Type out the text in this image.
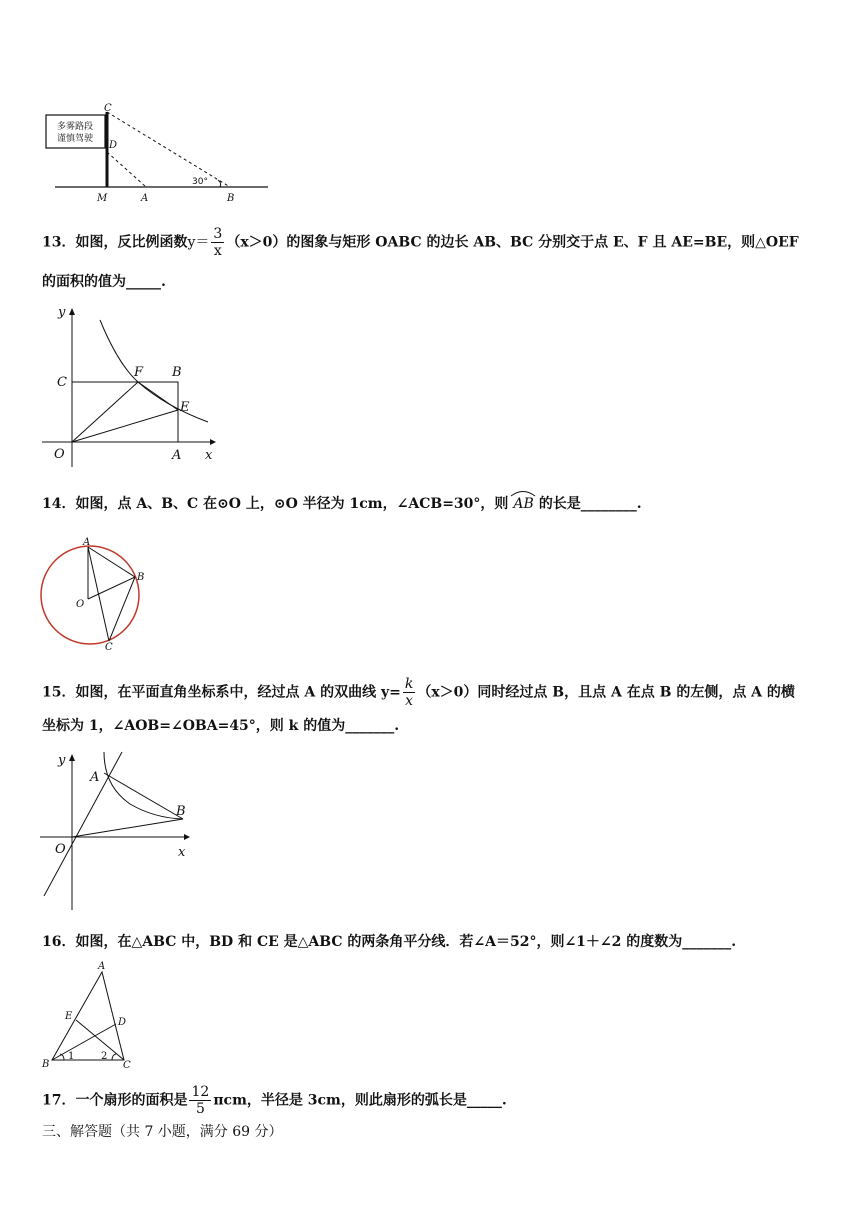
多雾路段
谨慎驾驶
C
D
M	A	B
30°
13．如图，反比例函数$y= \frac{3}{x} (x>0)$的图象与矩形 OABC 的边长 AB、BC 分别交于点 E、F 且 AE=BE，则△OEF
的面积的值为_____.
y
x
O	A
C
F B
E
14．如图，点 A、B、C 在⊙O 上，⊙O 半径为 1cm，∠ACB=30°，则 AB 的长是________.
A
B
C
O
15．如图，在平面直角坐标系中，经过点 A 的双曲线 $y= \frac{k}{x} (x>0)$同时经过点 B，且点 A 在点 B 的左侧，点 A 的横
坐标为 1，∠AOB=∠OBA=45°，则 k 的值为_______.
y
x
O
A
B
16．如图，在△ABC 中，BD 和 CE 是△ABC 的两条角平分线．若∠A＝52°，则∠1＋∠2 的度数为_______.
A
E
D
B	C
1	2
17．一个扇形的面积是 $\frac{12}{5}$ πcm，半径是 3cm，则此扇形的弧长是_____.
三、解答题（共 7 小题，满分 69 分）
